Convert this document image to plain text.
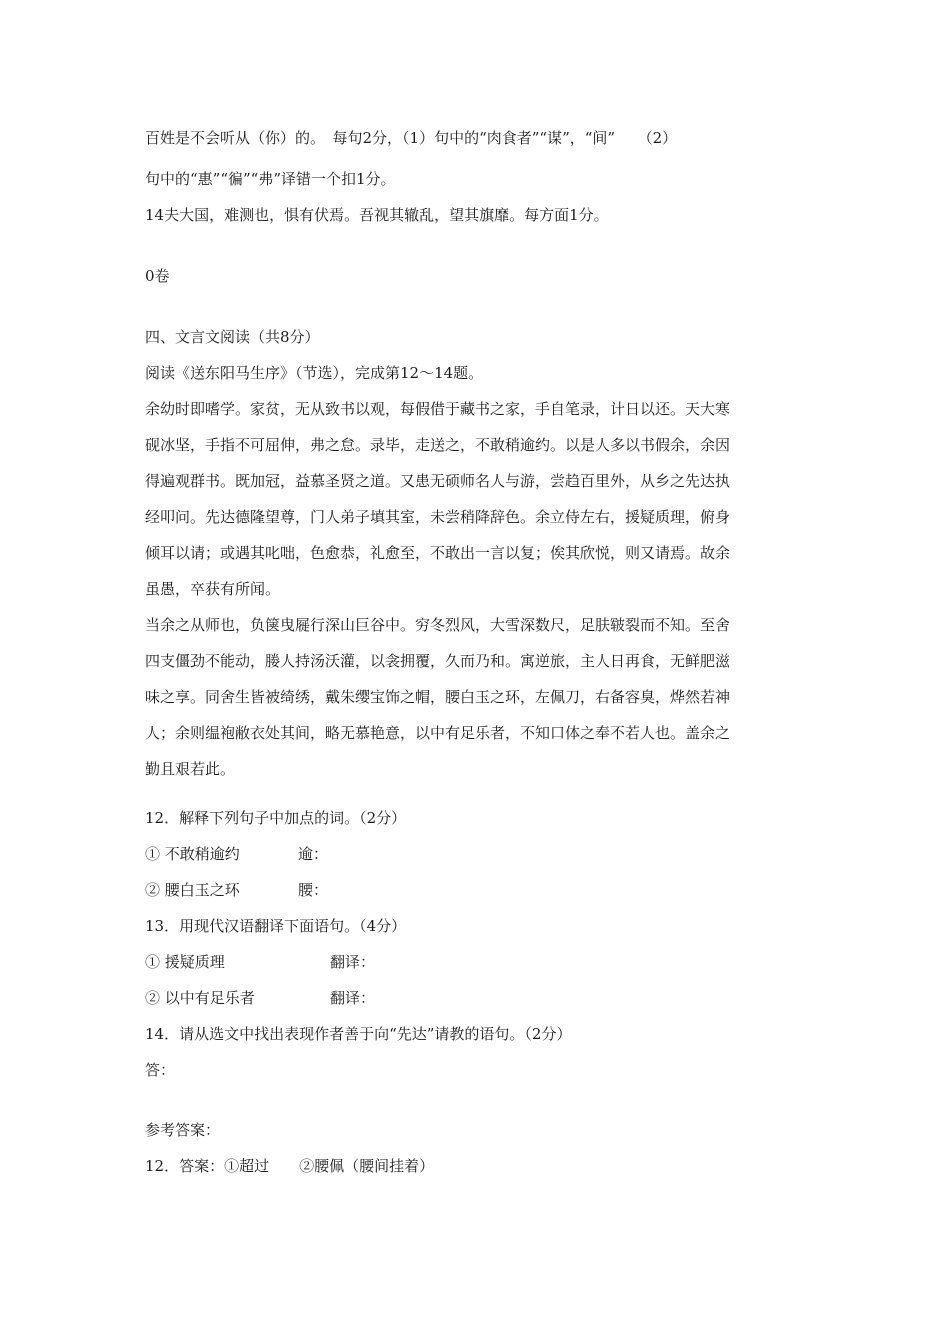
百姓是不会听从（你）的。　每句2分，（1）句中的“肉食者”“谋”，“间”　　（2）
句中的“惠”“徧”“弗”译错一个扣1分。
14夫大国，难测也，惧有伏焉。吾视其辙乱，望其旗靡。每方面1分。
0卷
四、文言文阅读（共8分）
阅读《送东阳马生序》（节选），完成第12～14题。
余幼时即嗜学。家贫，无从致书以观，每假借于藏书之家，手自笔录，计日以还。天大寒
砚冰坚，手指不可屈伸，弗之怠。录毕，走送之，不敢稍逾约。以是人多以书假余，余因
得遍观群书。既加冠，益慕圣贤之道。又患无硕师名人与游，尝趋百里外，从乡之先达执
经叩问。先达德隆望尊，门人弟子填其室，未尝稍降辞色。余立侍左右，援疑质理，俯身
倾耳以请；或遇其叱咄，色愈恭，礼愈至，不敢出一言以复；俟其欣悦，则又请焉。故余
虽愚，卒获有所闻。
当余之从师也，负箧曳屣行深山巨谷中。穷冬烈风，大雪深数尺，足肤皲裂而不知。至舍
四支僵劲不能动，媵人持汤沃灌，以衾拥覆，久而乃和。寓逆旅，主人日再食，无鲜肥滋
味之享。同舍生皆被绮绣，戴朱缨宝饰之帽，腰白玉之环，左佩刀，右备容臭，烨然若神
人；余则缊袍敝衣处其间，略无慕艳意，以中有足乐者，不知口体之奉不若人也。盖余之
勤且艰若此。
12．解释下列句子中加点的词。（2分）
① 不敢稍逾约	逾：
② 腰白玉之环	腰：
13．用现代汉语翻译下面语句。（4分）
① 援疑质理	翻译：
② 以中有足乐者	翻译：
14．请从选文中找出表现作者善于向“先达”请教的语句。（2分）
答：
参考答案：
12．答案：①超过　　②腰佩（腰间挂着）
